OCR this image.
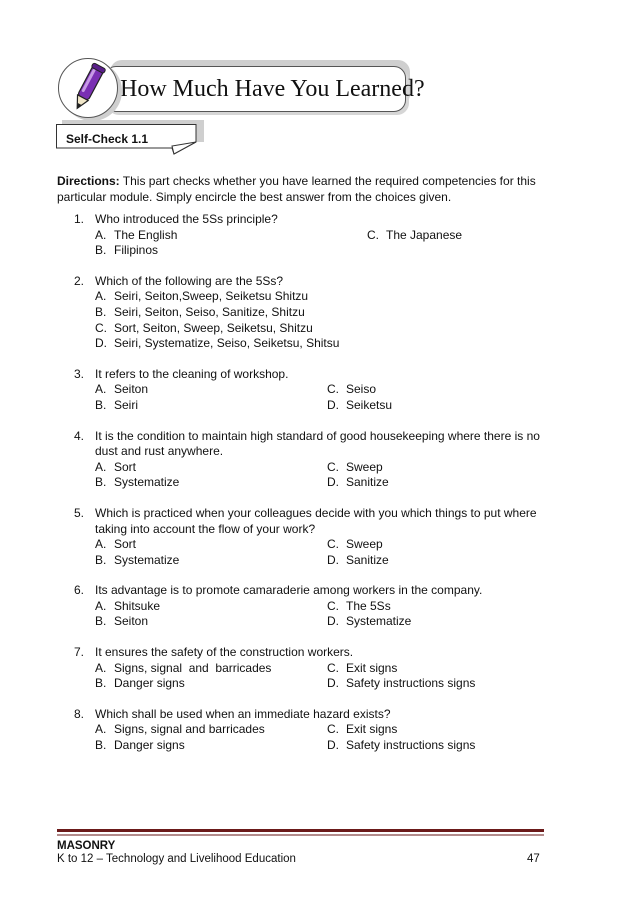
How Much Have You Learned?
Self-Check 1.1
Directions: This part checks whether you have learned the required competencies for this particular module. Simply encircle the best answer from the choices given.
1. Who introduced the 5Ss principle?
A. The English	C. The Japanese
B. Filipinos
2. Which of the following are the 5Ss?
A. Seiri, Seiton,Sweep, Seiketsu Shitzu
B. Seiri, Seiton, Seiso, Sanitize, Shitzu
C. Sort, Seiton, Sweep, Seiketsu, Shitzu
D. Seiri, Systematize, Seiso, Seiketsu, Shitsu
3. It refers to the cleaning of workshop.
A. Seiton	C. Seiso
B. Seiri	D. Seiketsu
4. It is the condition to maintain high standard of good housekeeping where there is no dust and rust anywhere.
A. Sort	C. Sweep
B. Systematize	D. Sanitize
5. Which is practiced when your colleagues decide with you which things to put where taking into account the flow of your work?
A. Sort	C. Sweep
B. Systematize	D. Sanitize
6. Its advantage is to promote camaraderie among workers in the company.
A. Shitsuke	C. The 5Ss
B. Seiton	D. Systematize
7. It ensures the safety of the construction workers.
A. Signs, signal  and  barricades	C. Exit signs
B. Danger signs	D. Safety instructions signs
8. Which shall be used when an immediate hazard exists?
A. Signs, signal and barricades	C. Exit signs
B. Danger signs	D. Safety instructions signs
MASONRY
K to 12 – Technology and Livelihood Education	47
